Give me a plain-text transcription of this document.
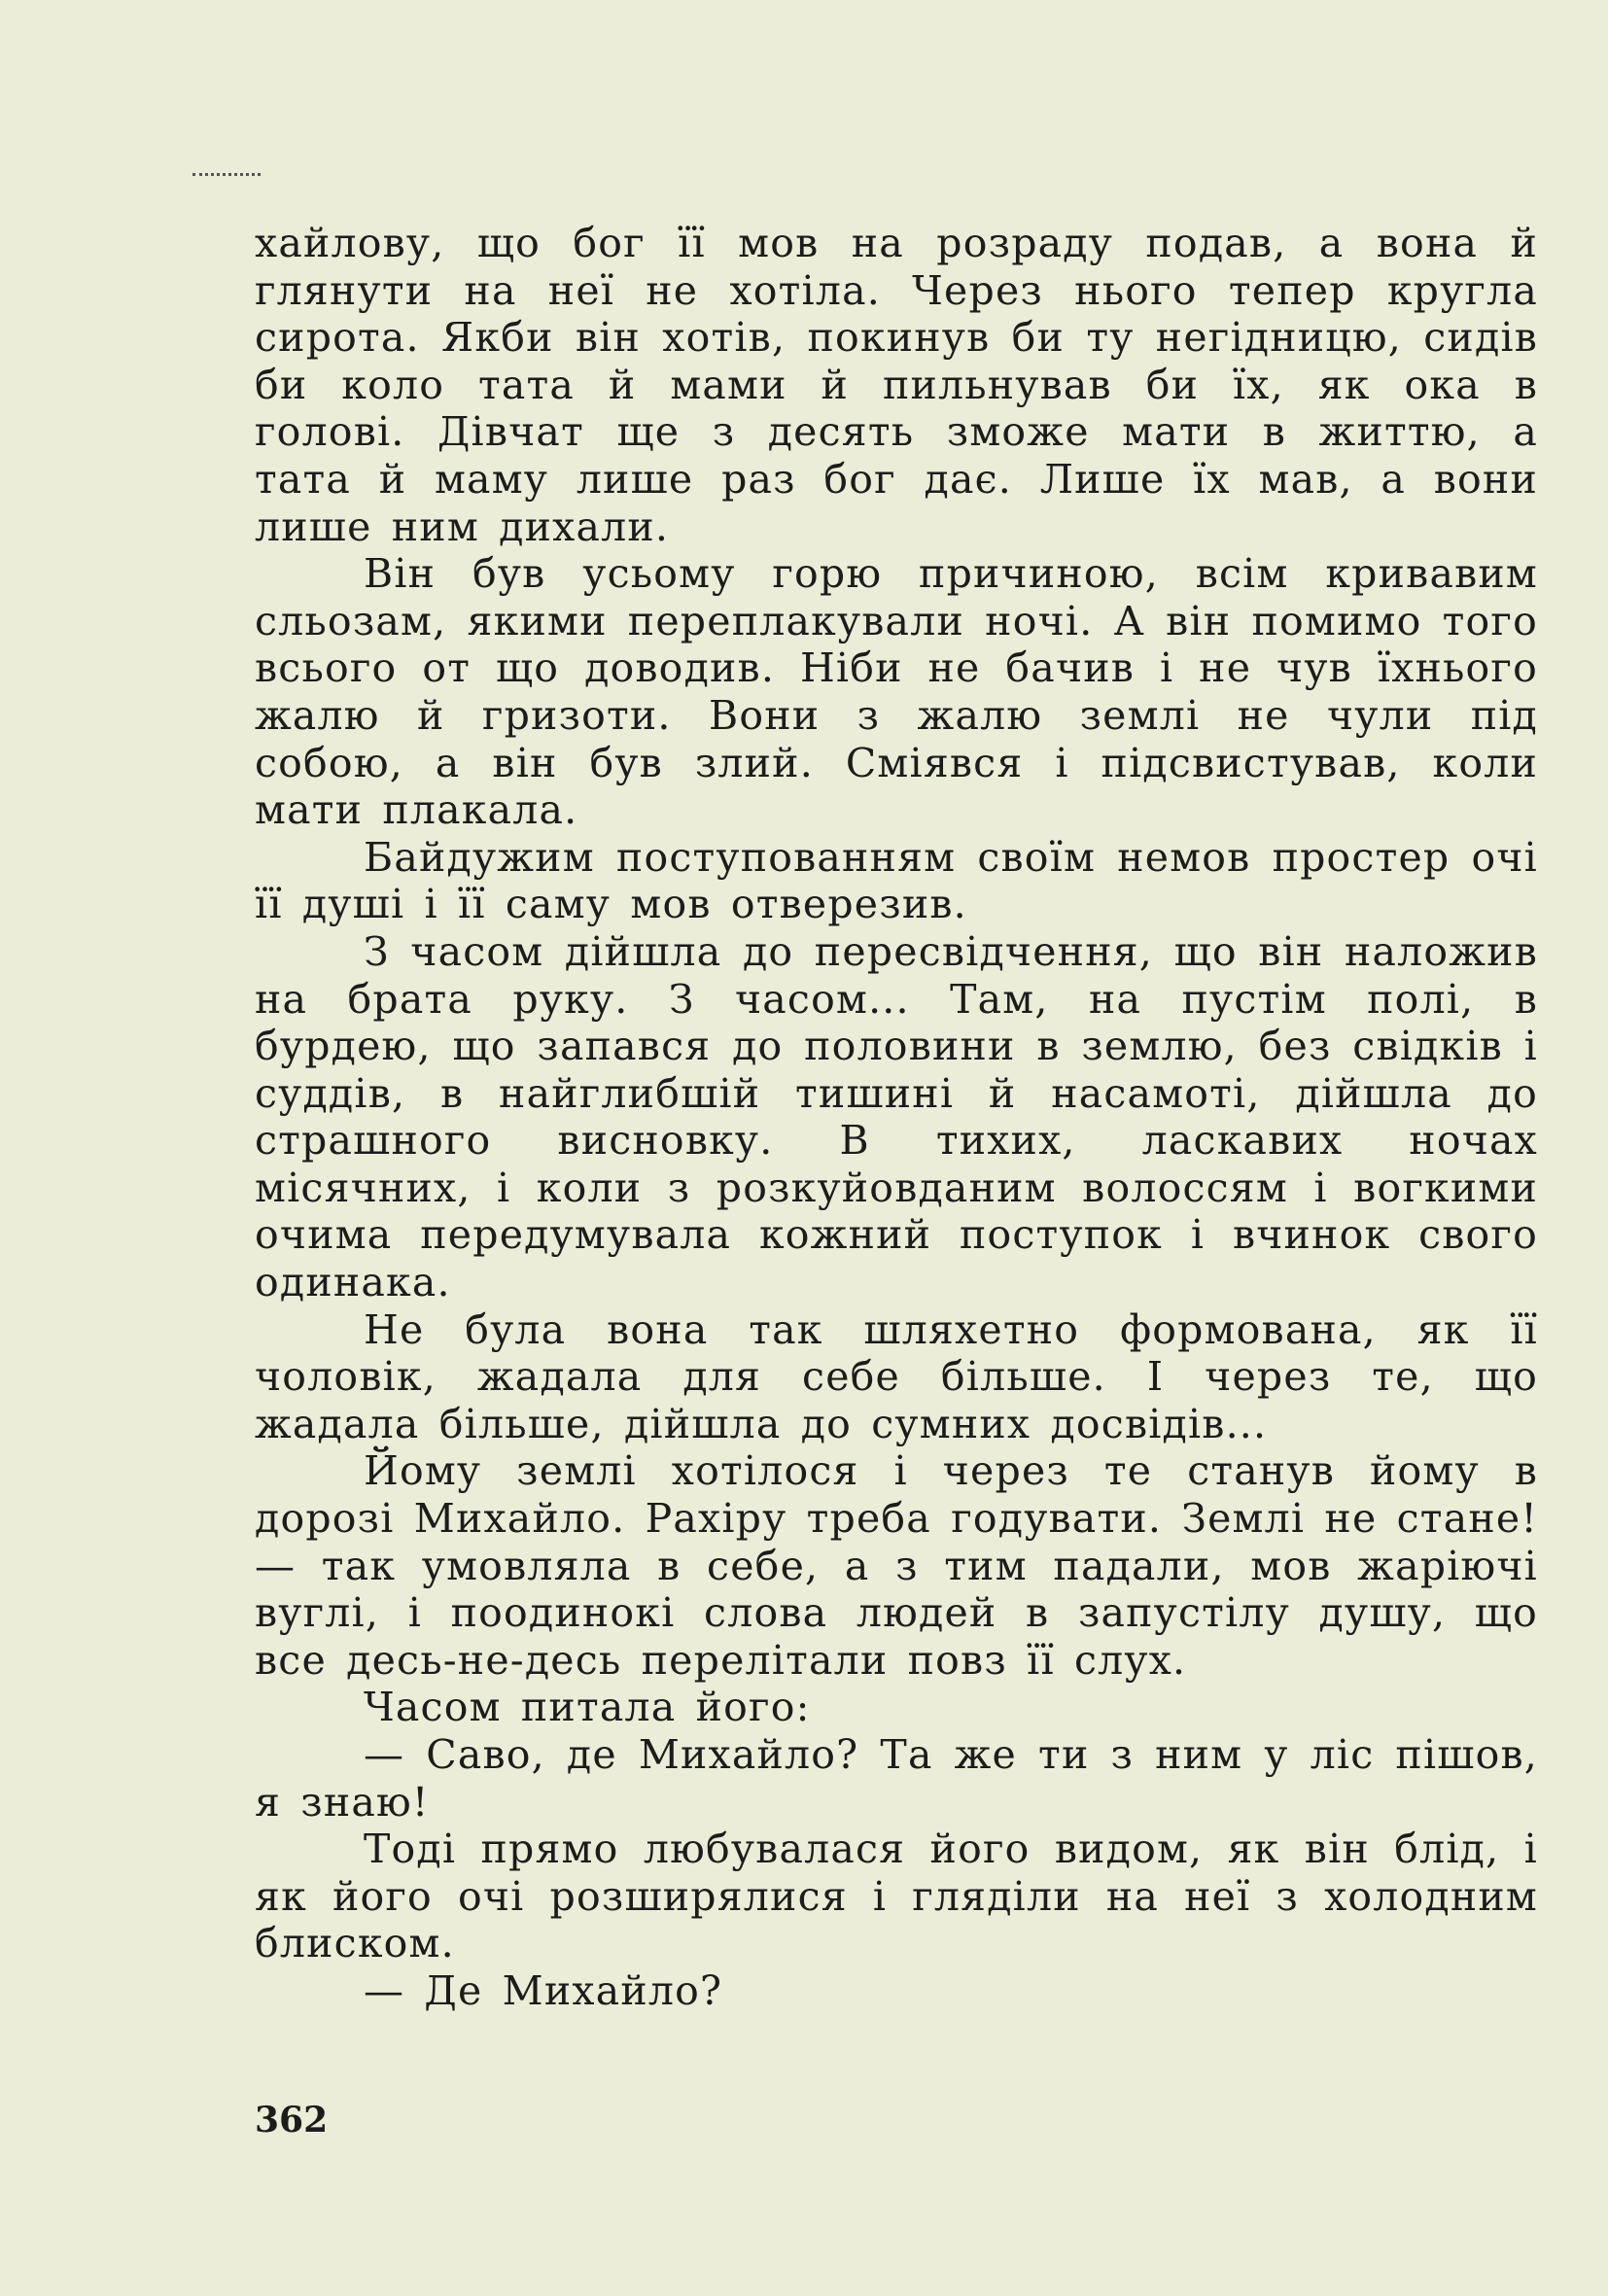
хайлову, що бог її мов на розраду подав, а вона й глянути на неї не хотіла. Через нього тепер кругла сирота. Якби він хотів, покинув би ту негідницю, сидів би коло тата й мами й пильнував би їх, як ока в голові. Дівчат ще з десять зможе мати в життю, а тата й маму лише раз бог дає. Лише їх мав, а вони лише ним дихали.

Він був усьому горю причиною, всім кривавим сльозам, якими переплакували ночі. А він помимо того всього от що доводив. Ніби не бачив і не чув їхнього жалю й гризоти. Вони з жалю землі не чули під собою, а він був злий. Сміявся і підсвистував, коли мати плакала.

Байдужим поступованням своїм немов простер очі її душі і її саму мов отверезив.

З часом дійшла до пересвідчення, що він наложив на брата руку. З часом... Там, на пустім полі, в бурдею, що запався до половини в землю, без свідків і суддів, в найглибшій тишині й насамоті, дійшла до страшного висновку. В тихих, ласкавих ночах місячних, і коли з розкуйовданим волоссям і вогкими очима передумувала кожний поступок і вчинок свого одинака.

Не була вона так шляхетно формована, як її чоловік, жадала для себе більше. І через те, що жадала більше, дійшла до сумних досвідів...

Йому землі хотілося і через те станув йому в дорозі Михайло. Рахіру треба годувати. Землі не стане! — так умовляла в себе, а з тим падали, мов жаріючі вуглі, і поодинокі слова людей в запустілу душу, що все десь-не-десь перелітали повз її слух.

Часом питала його:

— Саво, де Михайло? Та же ти з ним у ліс пішов, я знаю!

Тоді прямо любувалася його видом, як він блід, і як його очі розширялися і гляділи на неї з холодним блиском.

— Де Михайло?

362
